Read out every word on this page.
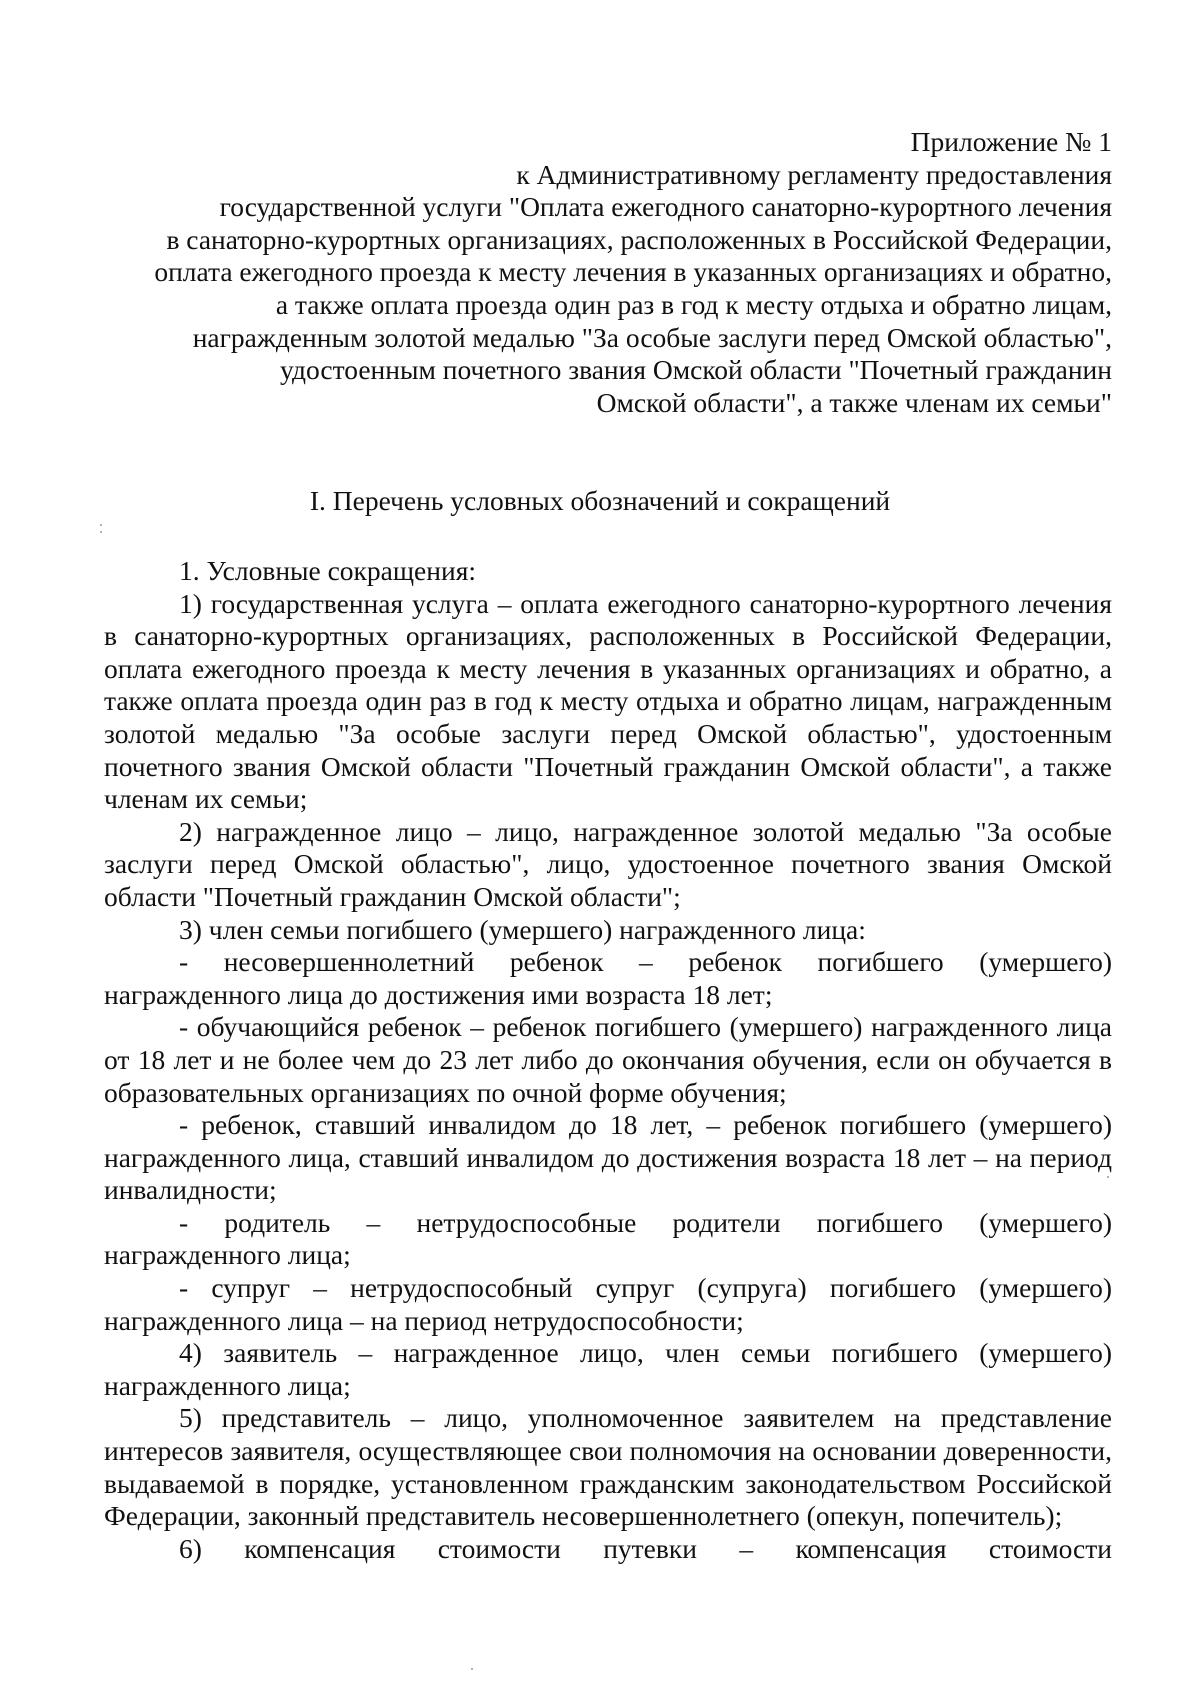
Приложение № 1
к Административному регламенту предоставления
государственной услуги "Оплата ежегодного санаторно-курортного лечения
в санаторно-курортных организациях, расположенных в Российской Федерации,
оплата ежегодного проезда к месту лечения в указанных организациях и обратно,
а также оплата проезда один раз в год к месту отдыха и обратно лицам,
награжденным золотой медалью "За особые заслуги перед Омской областью",
удостоенным почетного звания Омской области "Почетный гражданин
Омской области", а также членам их семьи"
I. Перечень условных обозначений и сокращений

1. Условные сокращения:

1) государственная услуга – оплата ежегодного санаторно-курортного лечения в санаторно-курортных организациях, расположенных в Российской Федерации, оплата ежегодного проезда к месту лечения в указанных организациях и обратно, а также оплата проезда один раз в год к месту отдыха и обратно лицам, награжденным золотой медалью "За особые заслуги перед Омской областью", удостоенным почетного звания Омской области "Почетный гражданин Омской области", а также членам их семьи;

2) награжденное лицо – лицо, награжденное золотой медалью "За особые заслуги перед Омской областью", лицо, удостоенное почетного звания Омской области "Почетный гражданин Омской области";

3) член семьи погибшего (умершего) награжденного лица:

- несовершеннолетний ребенок – ребенок погибшего (умершего) награжденного лица до достижения ими возраста 18 лет;

- обучающийся ребенок – ребенок погибшего (умершего) награжденного лица от 18 лет и не более чем до 23 лет либо до окончания обучения, если он обучается в образовательных организациях по очной форме обучения;

- ребенок, ставший инвалидом до 18 лет, – ребенок погибшего (умершего) награжденного лица, ставший инвалидом до достижения возраста 18 лет – на период инвалидности;

- родитель – нетрудоспособные родители погибшего (умершего) награжденного лица;

- супруг – нетрудоспособный супруг (супруга) погибшего (умершего) награжденного лица – на период нетрудоспособности;

4) заявитель – награжденное лицо, член семьи погибшего (умершего) награжденного лица;

5) представитель – лицо, уполномоченное заявителем на представление интересов заявителя, осуществляющее свои полномочия на основании доверенности, выдаваемой в порядке, установленном гражданским законодательством Российской Федерации, законный представитель несовершеннолетнего (опекун, попечитель);

6) компенсация стоимости путевки – компенсация стоимости
